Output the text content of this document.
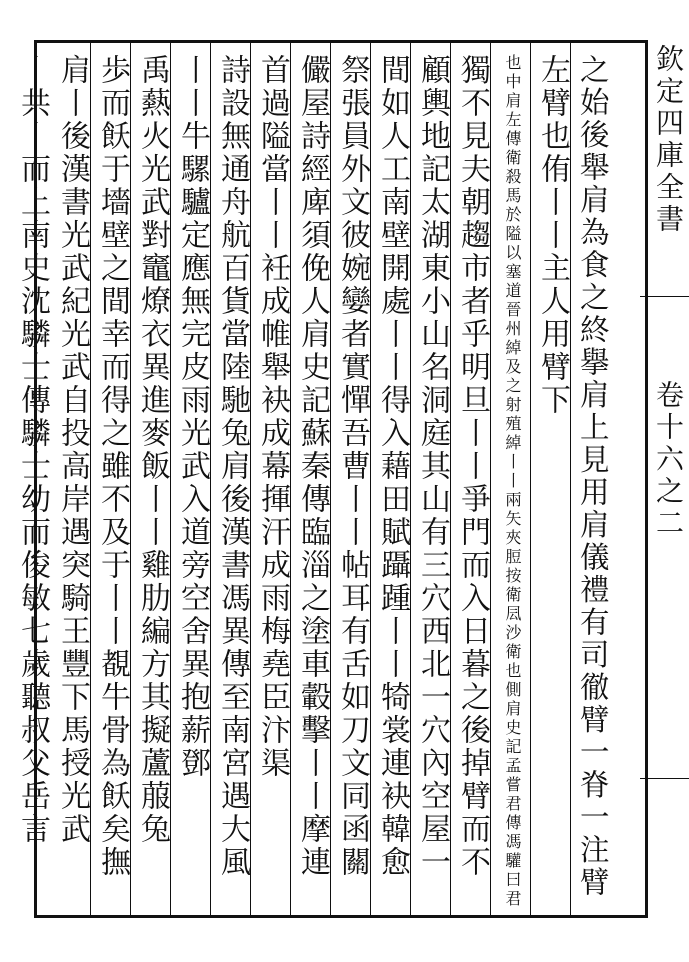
欽定四庫全書
卷十六之二
之始後舉肩為食之終擧肩上見用肩儀禮有司徹臂一脊一注臂
左臂也侑丨丨主人用臂下
也中肩左傳衛殺馬於隘以塞道晉州綽及之射殖綽丨丨兩矢夾脰按衛凨沙衛也側肩史記孟嘗君傳馮驩曰君
獨不見夫朝趨市者乎明旦丨丨爭門而入日暮之後掉臂而不
顧輿地記太湖東小山名洞庭其山有三穴西北一穴內空屋一
間如人工南壁開處丨丨得入藉田賦躡踵丨丨犄裳連袂韓愈
祭張員外文彼婉孌者實憚吾曹丨丨帖耳有舌如刀文同函關
儼屋詩經庳須俛人肩史記蘇秦傳臨淄之塗車轂擊丨丨摩連
首過隘當丨丨衽成帷舉袂成幕揮汗成雨梅堯臣汴渠
詩設無通舟航百貨當陸馳兔肩後漢書馮異傳至南宮遇大風
丨丨牛騾驢定應無完皮雨光武入道旁空舍異抱薪鄧
禹爇火光武對竈燎衣異進麥飯丨丨雞肋編方其擬蘆菔兔
歩而飫于墻壁之間幸而得之雖不及于丨丨覩牛骨為飫矣撫
肩丨後漢書光武紀光武自投高岸遇突騎王豐下馬授光武
丨共丨而上南史沈驎士傳驎士幼而俊敏七歲聽叔父岳言
